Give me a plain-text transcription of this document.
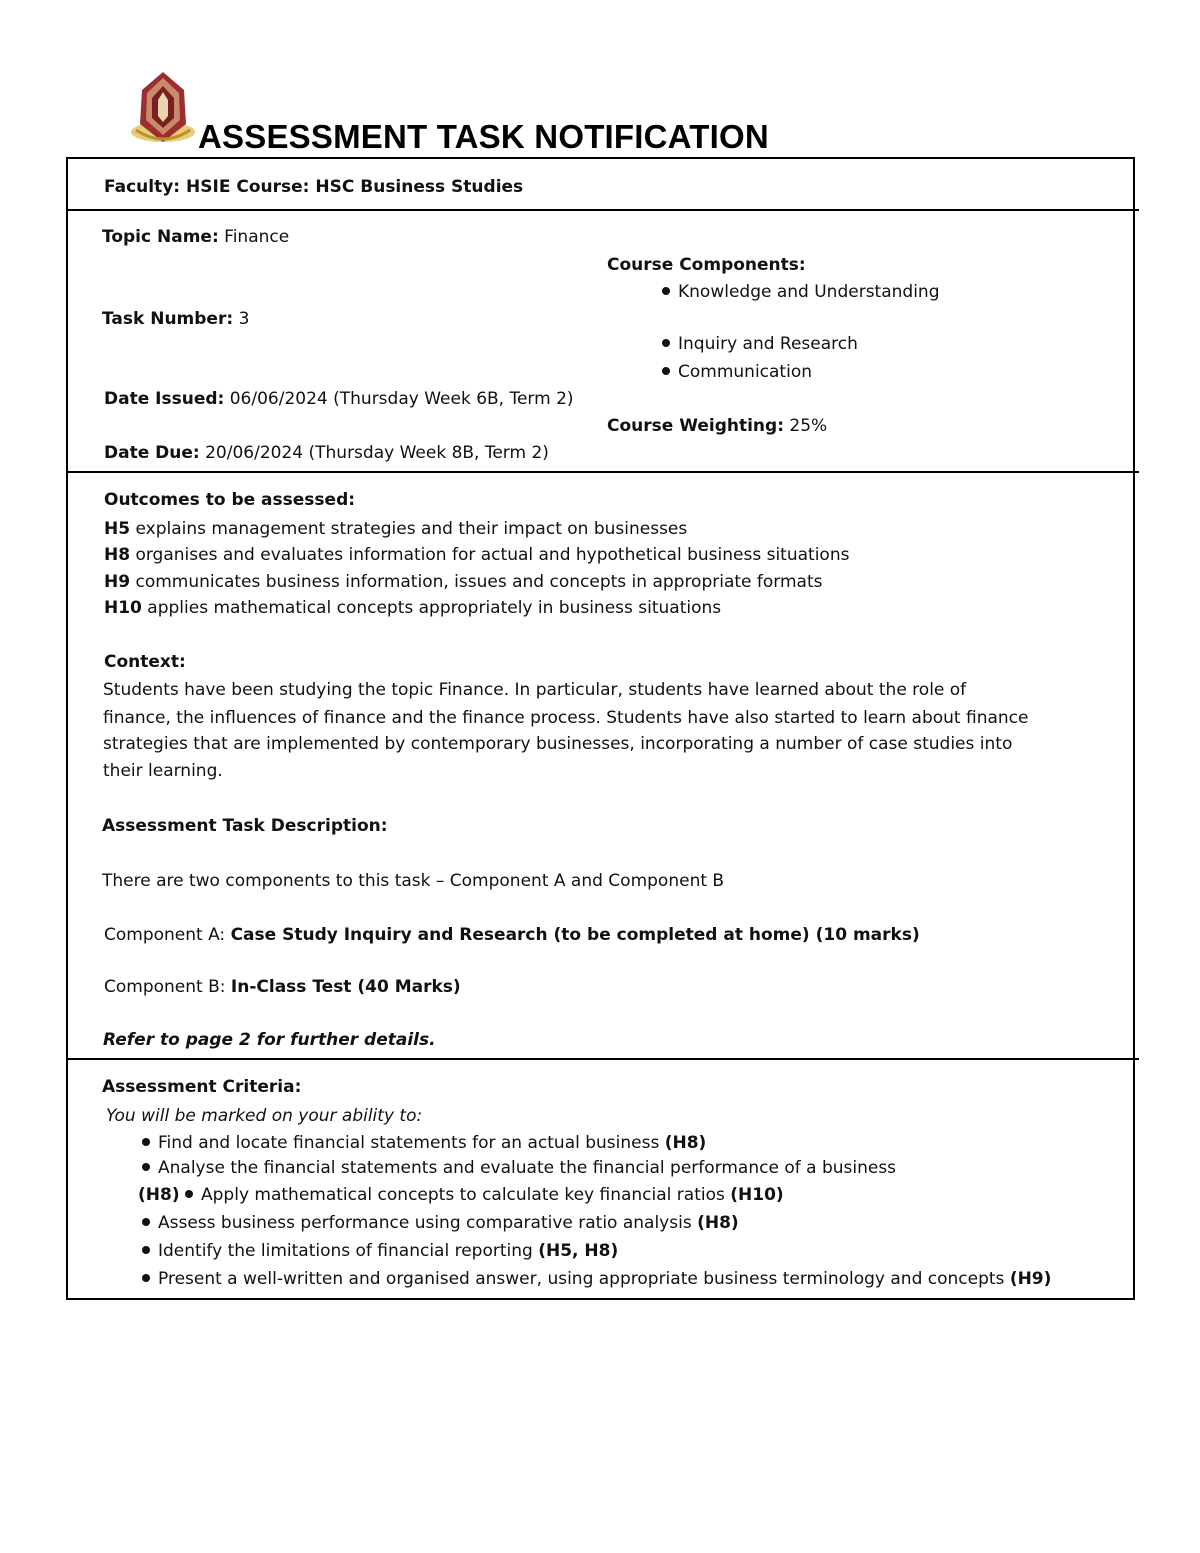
ASSESSMENT TASK NOTIFICATION
Faculty: HSIE Course: HSC Business Studies
Topic Name: Finance
Task Number: 3
Date Issued: 06/06/2024 (Thursday Week 6B, Term 2)
Date Due: 20/06/2024 (Thursday Week 8B, Term 2)
Course Components:
Knowledge and Understanding
Inquiry and Research
Communication
Course Weighting: 25%
Outcomes to be assessed:
H5 explains management strategies and their impact on businesses
H8 organises and evaluates information for actual and hypothetical business situations
H9 communicates business information, issues and concepts in appropriate formats
H10 applies mathematical concepts appropriately in business situations
Context:
Students have been studying the topic Finance. In particular, students have learned about the role of
finance, the influences of finance and the finance process. Students have also started to learn about finance
strategies that are implemented by contemporary businesses, incorporating a number of case studies into
their learning.
Assessment Task Description:
There are two components to this task – Component A and Component B
Component A: Case Study Inquiry and Research (to be completed at home) (10 marks)
Component B: In-Class Test (40 Marks)
Refer to page 2 for further details.
Assessment Criteria:
You will be marked on your ability to:
Find and locate financial statements for an actual business (H8)
Analyse the financial statements and evaluate the financial performance of a business
(H8) Apply mathematical concepts to calculate key financial ratios (H10)
Assess business performance using comparative ratio analysis (H8)
Identify the limitations of financial reporting (H5, H8)
Present a well-written and organised answer, using appropriate business terminology and concepts (H9)
